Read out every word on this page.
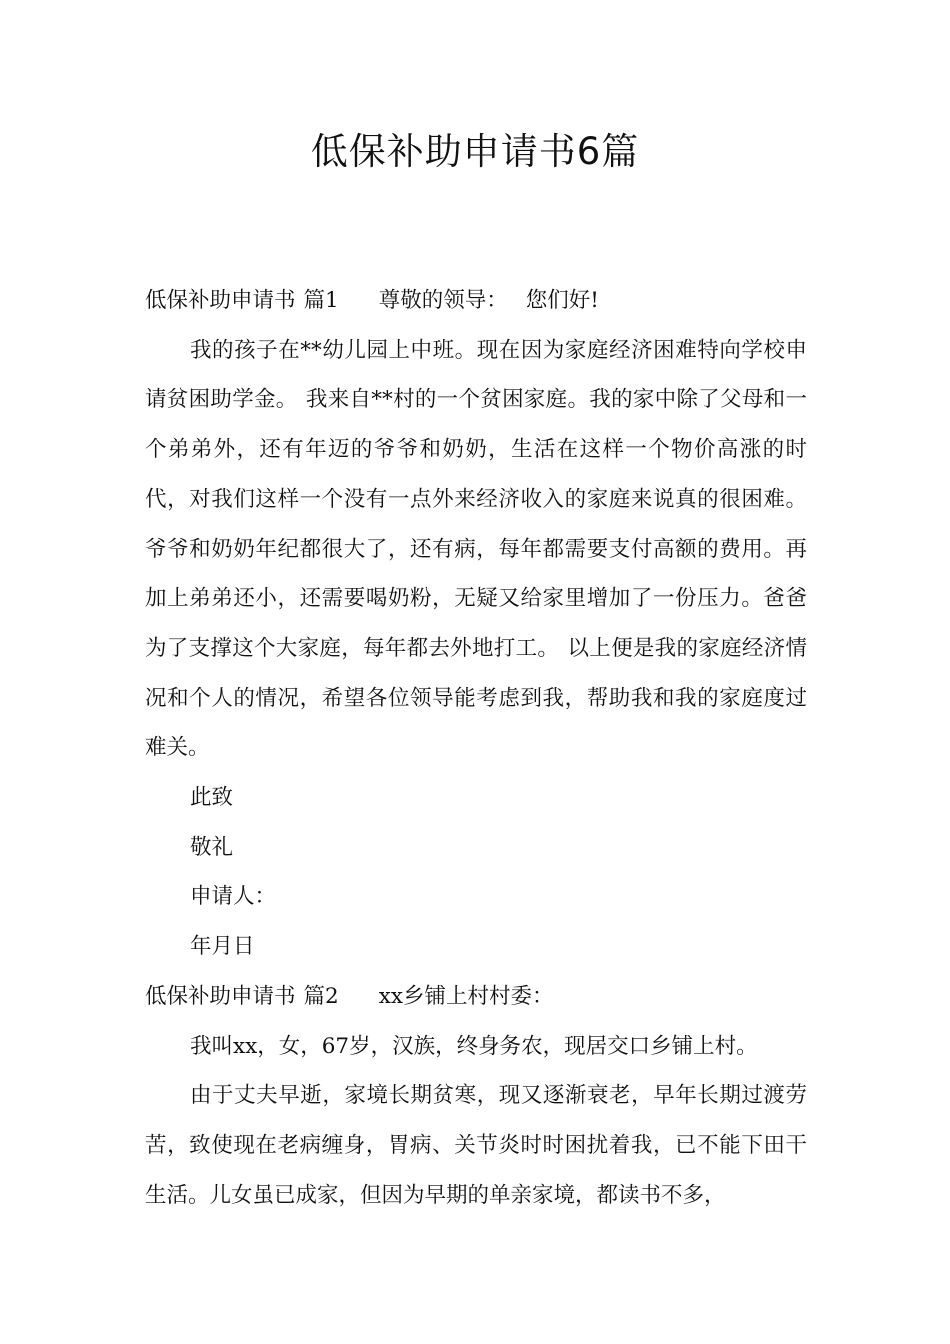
低保补助申请书6篇

低保补助申请书 篇1 尊敬的领导： 您们好!

我的孩子在**幼儿园上中班。现在因为家庭经济困难特向学校申请贫困助学金。 我来自**村的一个贫困家庭。我的家中除了父母和一个弟弟外，还有年迈的爷爷和奶奶，生活在这样一个物价高涨的时代，对我们这样一个没有一点外来经济收入的家庭来说真的很困难。爷爷和奶奶年纪都很大了，还有病，每年都需要支付高额的费用。再加上弟弟还小，还需要喝奶粉，无疑又给家里增加了一份压力。爸爸为了支撑这个大家庭，每年都去外地打工。 以上便是我的家庭经济情况和个人的情况，希望各位领导能考虑到我，帮助我和我的家庭度过难关。

此致

敬礼

申请人：

年月日

低保补助申请书 篇2 xx乡铺上村村委：

我叫xx，女，67岁，汉族，终身务农，现居交口乡铺上村。

由于丈夫早逝，家境长期贫寒，现又逐渐衰老，早年长期过渡劳苦，致使现在老病缠身，胃病、关节炎时时困扰着我，已不能下田干生活。儿女虽已成家，但因为早期的单亲家境，都读书不多，
